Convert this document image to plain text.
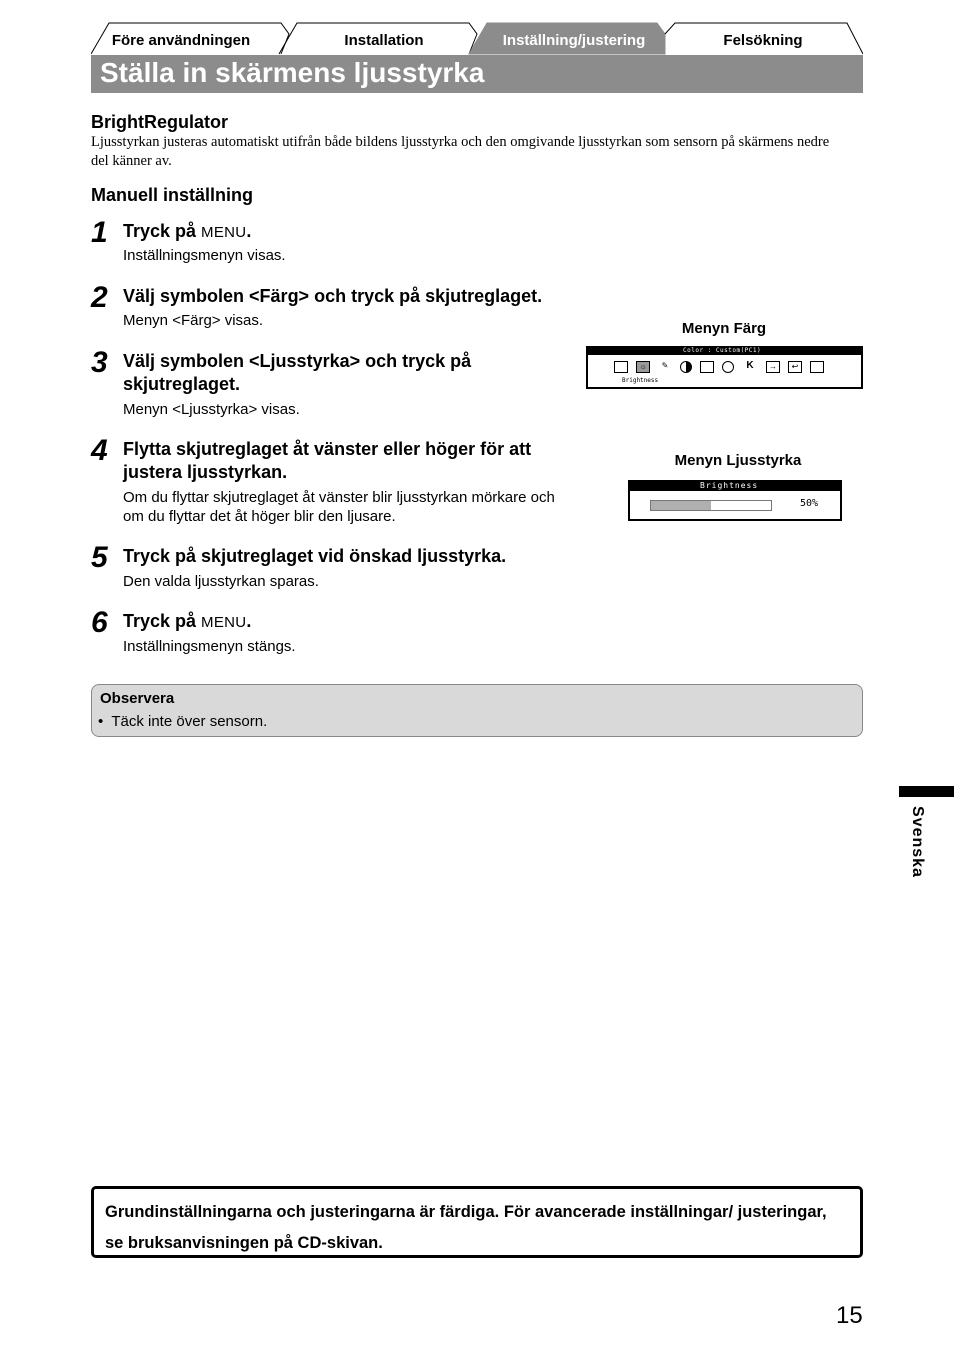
Före användningen	Installation	Inställning/justering	Felsökning
Ställa in skärmens ljusstyrka
BrightRegulator

Ljusstyrkan justeras automatiskt utifrån både bildens ljusstyrka och den omgivande ljusstyrkan som sensorn på skärmens nedre del känner av.

Manuell inställning
1 Tryck på MENU.
Inställningsmenyn visas.
2 Välj symbolen <Färg> och tryck på skjutreglaget.
Menyn <Färg> visas.
3 Välj symbolen <Ljusstyrka> och tryck på
skjutreglaget.
Menyn <Ljusstyrka> visas.
4 Flytta skjutreglaget åt vänster eller höger för att
justera ljusstyrkan.
Om du flyttar skjutreglaget åt vänster blir ljusstyrkan mörkare och om du flyttar det åt höger blir den ljusare.
5 Tryck på skjutreglaget vid önskad ljusstyrka.
Den valda ljusstyrkan sparas.
6 Tryck på MENU.
Inställningsmenyn stängs.
Menyn Färg
Color : Custom(PC1)
☼	✎	K	→	↩
Brightness
Menyn Ljusstyrka
Brightness
50%
Observera
•  Täck inte över sensorn.
Svenska

Grundinställningarna och justeringarna är färdiga. För avancerade inställningar/ justeringar, se bruksanvisningen på CD-skivan.

15
